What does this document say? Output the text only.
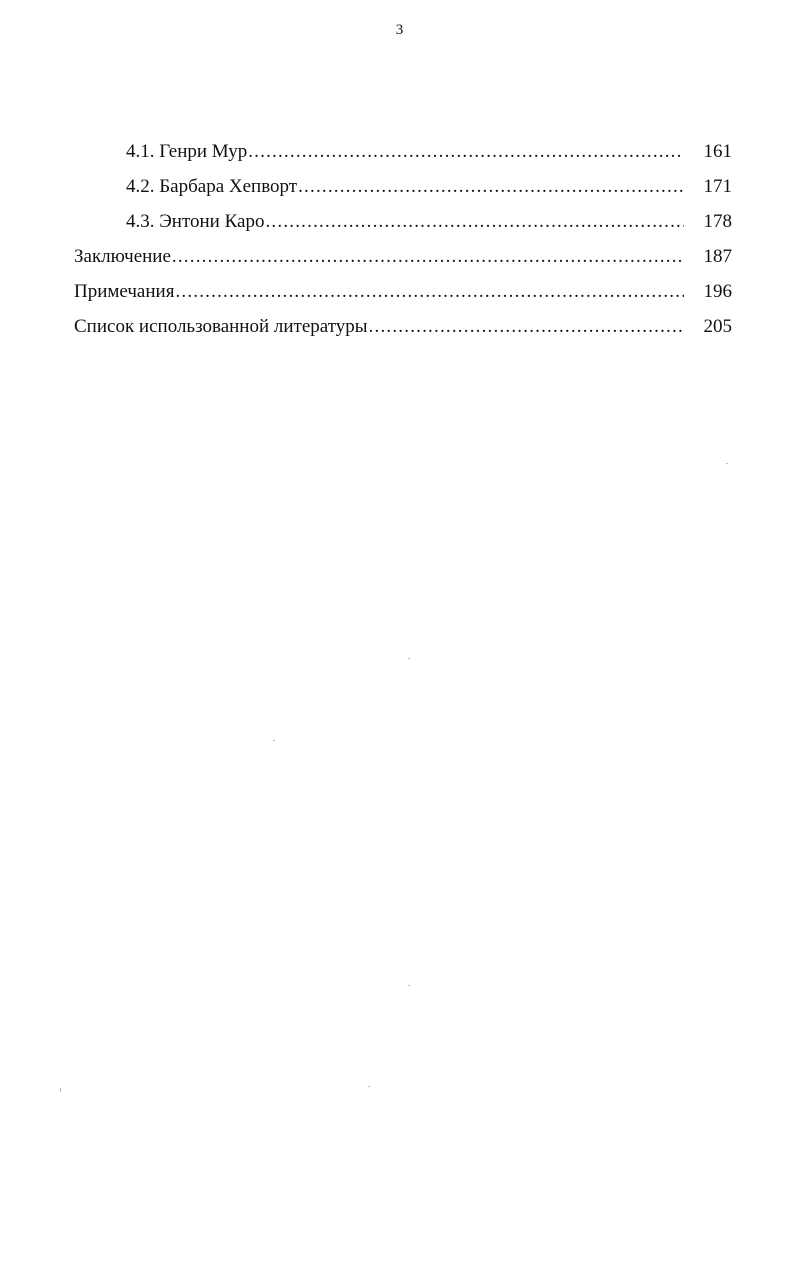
3
4.1. Генри Мур .....	161
4.2. Барбара Хепворт .....	171
4.3. Энтони Каро .....	178
Заключение .....	187
Примечания .....	196
Список использованной литературы .....	205
